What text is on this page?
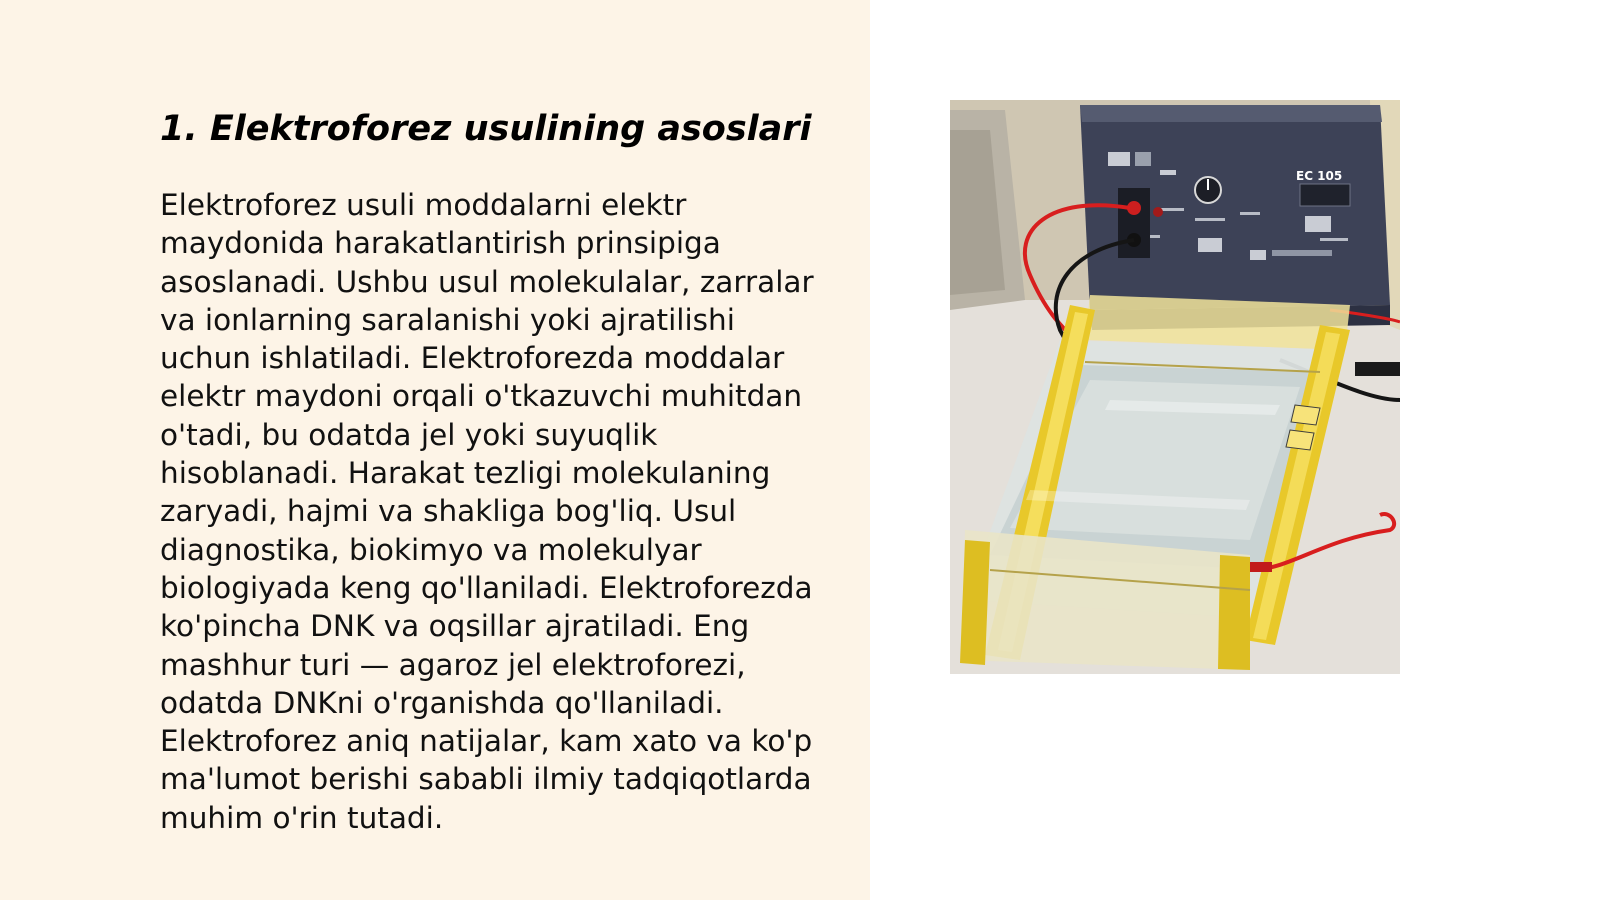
1. Elektroforez usulining asoslari

Elektroforez usuli moddalarni elektr maydonida harakatlantirish prinsipiga asoslanadi. Ushbu usul molekulalar, zarralar va ionlarning saralanishi yoki ajratilishi uchun ishlatiladi. Elektroforezda moddalar elektr maydoni orqali o'tkazuvchi muhitdan o'tadi, bu odatda jel yoki suyuqlik hisoblanadi. Harakat tezligi molekulaning zaryadi, hajmi va shakliga bog'liq. Usul diagnostika, biokimyo va molekulyar biologiyada keng qo'llaniladi. Elektroforezda ko'pincha DNK va oqsillar ajratiladi. Eng mashhur turi — agaroz jel elektroforezi, odatda DNKni o'rganishda qo'llaniladi. Elektroforez aniq natijalar, kam xato va ko'p ma'lumot berishi sababli ilmiy tadqiqotlarda muhim o'rin tutadi.

EC 105
